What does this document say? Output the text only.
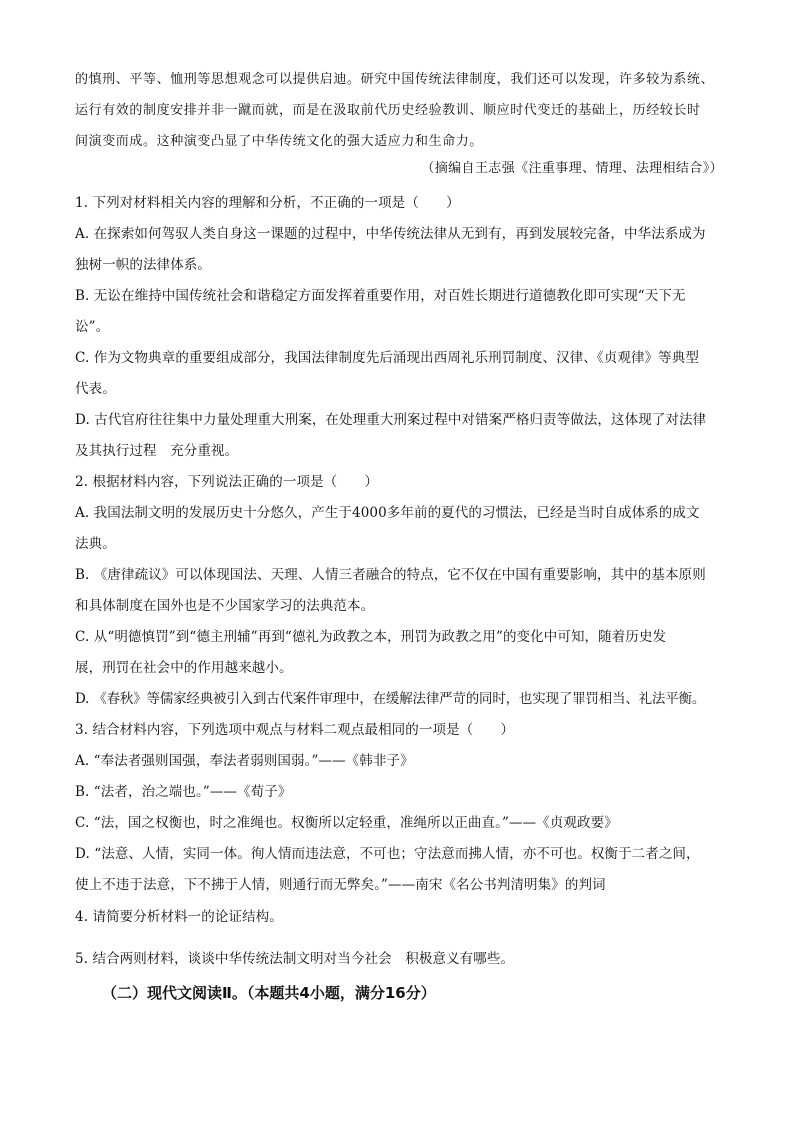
的慎刑、平等、恤刑等思想观念可以提供启迪。研究中国传统法律制度，我们还可以发现，许多较为系统、

运行有效的制度安排并非一蹴而就，而是在汲取前代历史经验教训、顺应时代变迁的基础上，历经较长时

间演变而成。这种演变凸显了中华传统文化的强大适应力和生命力。

（摘编自王志强《注重事理、情理、法理相结合》）

1. 下列对材料相关内容的理解和分析，不正确的一项是（　　）

A. 在探索如何驾驭人类自身这一课题的过程中，中华传统法律从无到有，再到发展较完备，中华法系成为

独树一帜的法律体系。

B. 无讼在维持中国传统社会和谐稳定方面发挥着重要作用，对百姓长期进行道德教化即可实现“天下无

讼”。

C. 作为文物典章的重要组成部分，我国法律制度先后涌现出西周礼乐刑罚制度、汉律、《贞观律》等典型

代表。

D. 古代官府往往集中力量处理重大刑案，在处理重大刑案过程中对错案严格归责等做法，这体现了对法律

及其执行过程　充分重视。

2. 根据材料内容，下列说法正确的一项是（　　）

A. 我国法制文明的发展历史十分悠久，产生于4000多年前的夏代的习惯法，已经是当时自成体系的成文

法典。

B. 《唐律疏议》可以体现国法、天理、人情三者融合的特点，它不仅在中国有重要影响，其中的基本原则

和具体制度在国外也是不少国家学习的法典范本。

C. 从“明德慎罚”到“德主刑辅”再到“德礼为政教之本，刑罚为政教之用”的变化中可知，随着历史发

展，刑罚在社会中的作用越来越小。

D. 《春秋》等儒家经典被引入到古代案件审理中，在缓解法律严苛的同时，也实现了罪罚相当、礼法平衡。

3. 结合材料内容，下列选项中观点与材料二观点最相同的一项是（　　）

A. “奉法者强则国强，奉法者弱则国弱。”——《韩非子》

B. “法者，治之端也。”——《荀子》

C. “法，国之权衡也，时之准绳也。权衡所以定轻重，准绳所以正曲直。”——《贞观政要》

D. “法意、人情，实同一体。徇人情而违法意，不可也；守法意而拂人情，亦不可也。权衡于二者之间，

使上不违于法意，下不拂于人情，则通行而无弊矣。”——南宋《名公书判清明集》的判词

4. 请简要分析材料一的论证结构。

5. 结合两则材料，谈谈中华传统法制文明对当今社会　积极意义有哪些。

（二）现代文阅读Ⅱ。（本题共4小题，满分16分）
